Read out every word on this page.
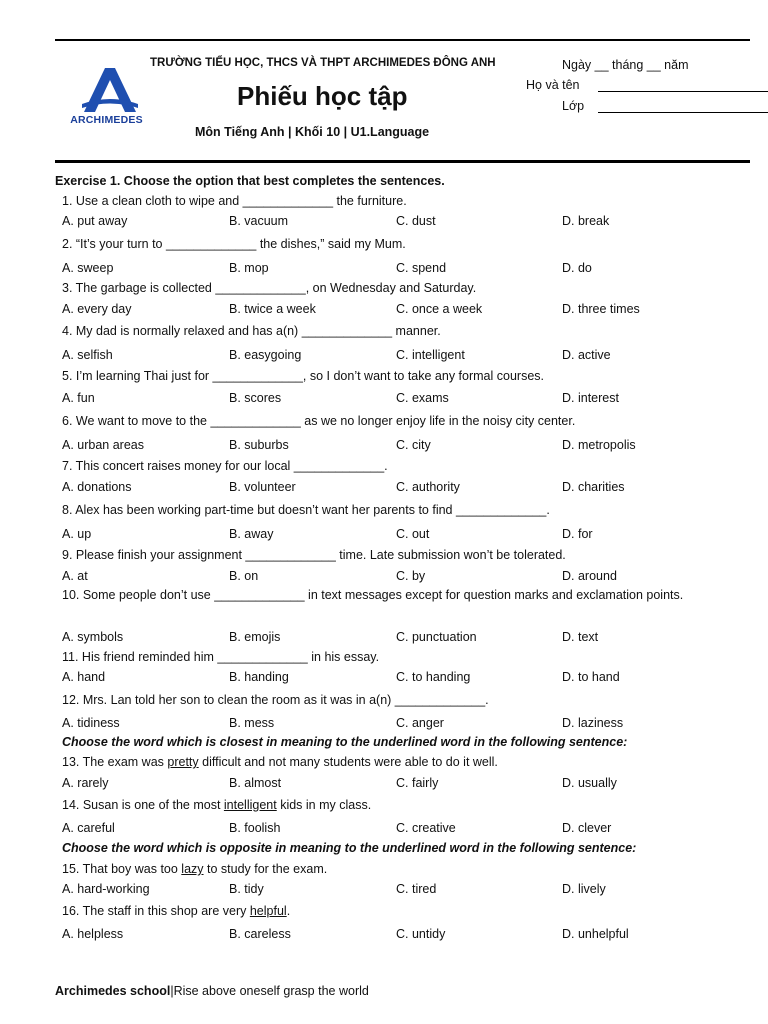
ARCHIMEDES
TRƯỜNG TIỂU HỌC, THCS VÀ THPT ARCHIMEDES ĐÔNG ANH
Phiếu học tập
Môn Tiếng Anh | Khối 10 | U1.Language
Ngày __ tháng __ năm
Họ và tên
Lớp
Exercise 1. Choose the option that best completes the sentences.
1. Use a clean cloth to wipe and _____________ the furniture.
A. put away	B. vacuum	C. dust	D. break
2. “It’s your turn to _____________ the dishes,” said my Mum.
A. sweep	B. mop	C. spend	D. do
3. The garbage is collected _____________, on Wednesday and Saturday.
A. every day	B. twice a week	C. once a week	D. three times
4. My dad is normally relaxed and has a(n) _____________ manner.
A. selfish	B. easygoing	C. intelligent	D. active
5. I’m learning Thai just for _____________, so I don’t want to take any formal courses.
A. fun	B. scores	C. exams	D. interest
6. We want to move to the _____________ as we no longer enjoy life in the noisy city center.
A. urban areas	B. suburbs	C. city	D. metropolis
7. This concert raises money for our local _____________.
A. donations	B. volunteer	C. authority	D. charities
8. Alex has been working part-time but doesn’t want her parents to find _____________.
A. up	B. away	C. out	D. for
9. Please finish your assignment _____________ time. Late submission won’t be tolerated.
A. at	B. on	C. by	D. around
10. Some people don’t use _____________ in text messages except for question marks and exclamation points.
A. symbols	B. emojis	C. punctuation	D. text
11. His friend reminded him _____________ in his essay.
A. hand	B. handing	C. to handing	D. to hand
12. Mrs. Lan told her son to clean the room as it was in a(n) _____________.
A. tidiness	B. mess	C. anger	D. laziness
Choose the word which is closest in meaning to the underlined word in the following sentence:
13. The exam was pretty difficult and not many students were able to do it well.
A. rarely	B. almost	C. fairly	D. usually
14. Susan is one of the most intelligent kids in my class.
A. careful	B. foolish	C. creative	D. clever
Choose the word which is opposite in meaning to the underlined word in the following sentence:
15. That boy was too lazy to study for the exam.
A. hard-working	B. tidy	C. tired	D. lively
16. The staff in this shop are very helpful.
A. helpless	B. careless	C. untidy	D. unhelpful
Archimedes school|Rise above oneself grasp the world
